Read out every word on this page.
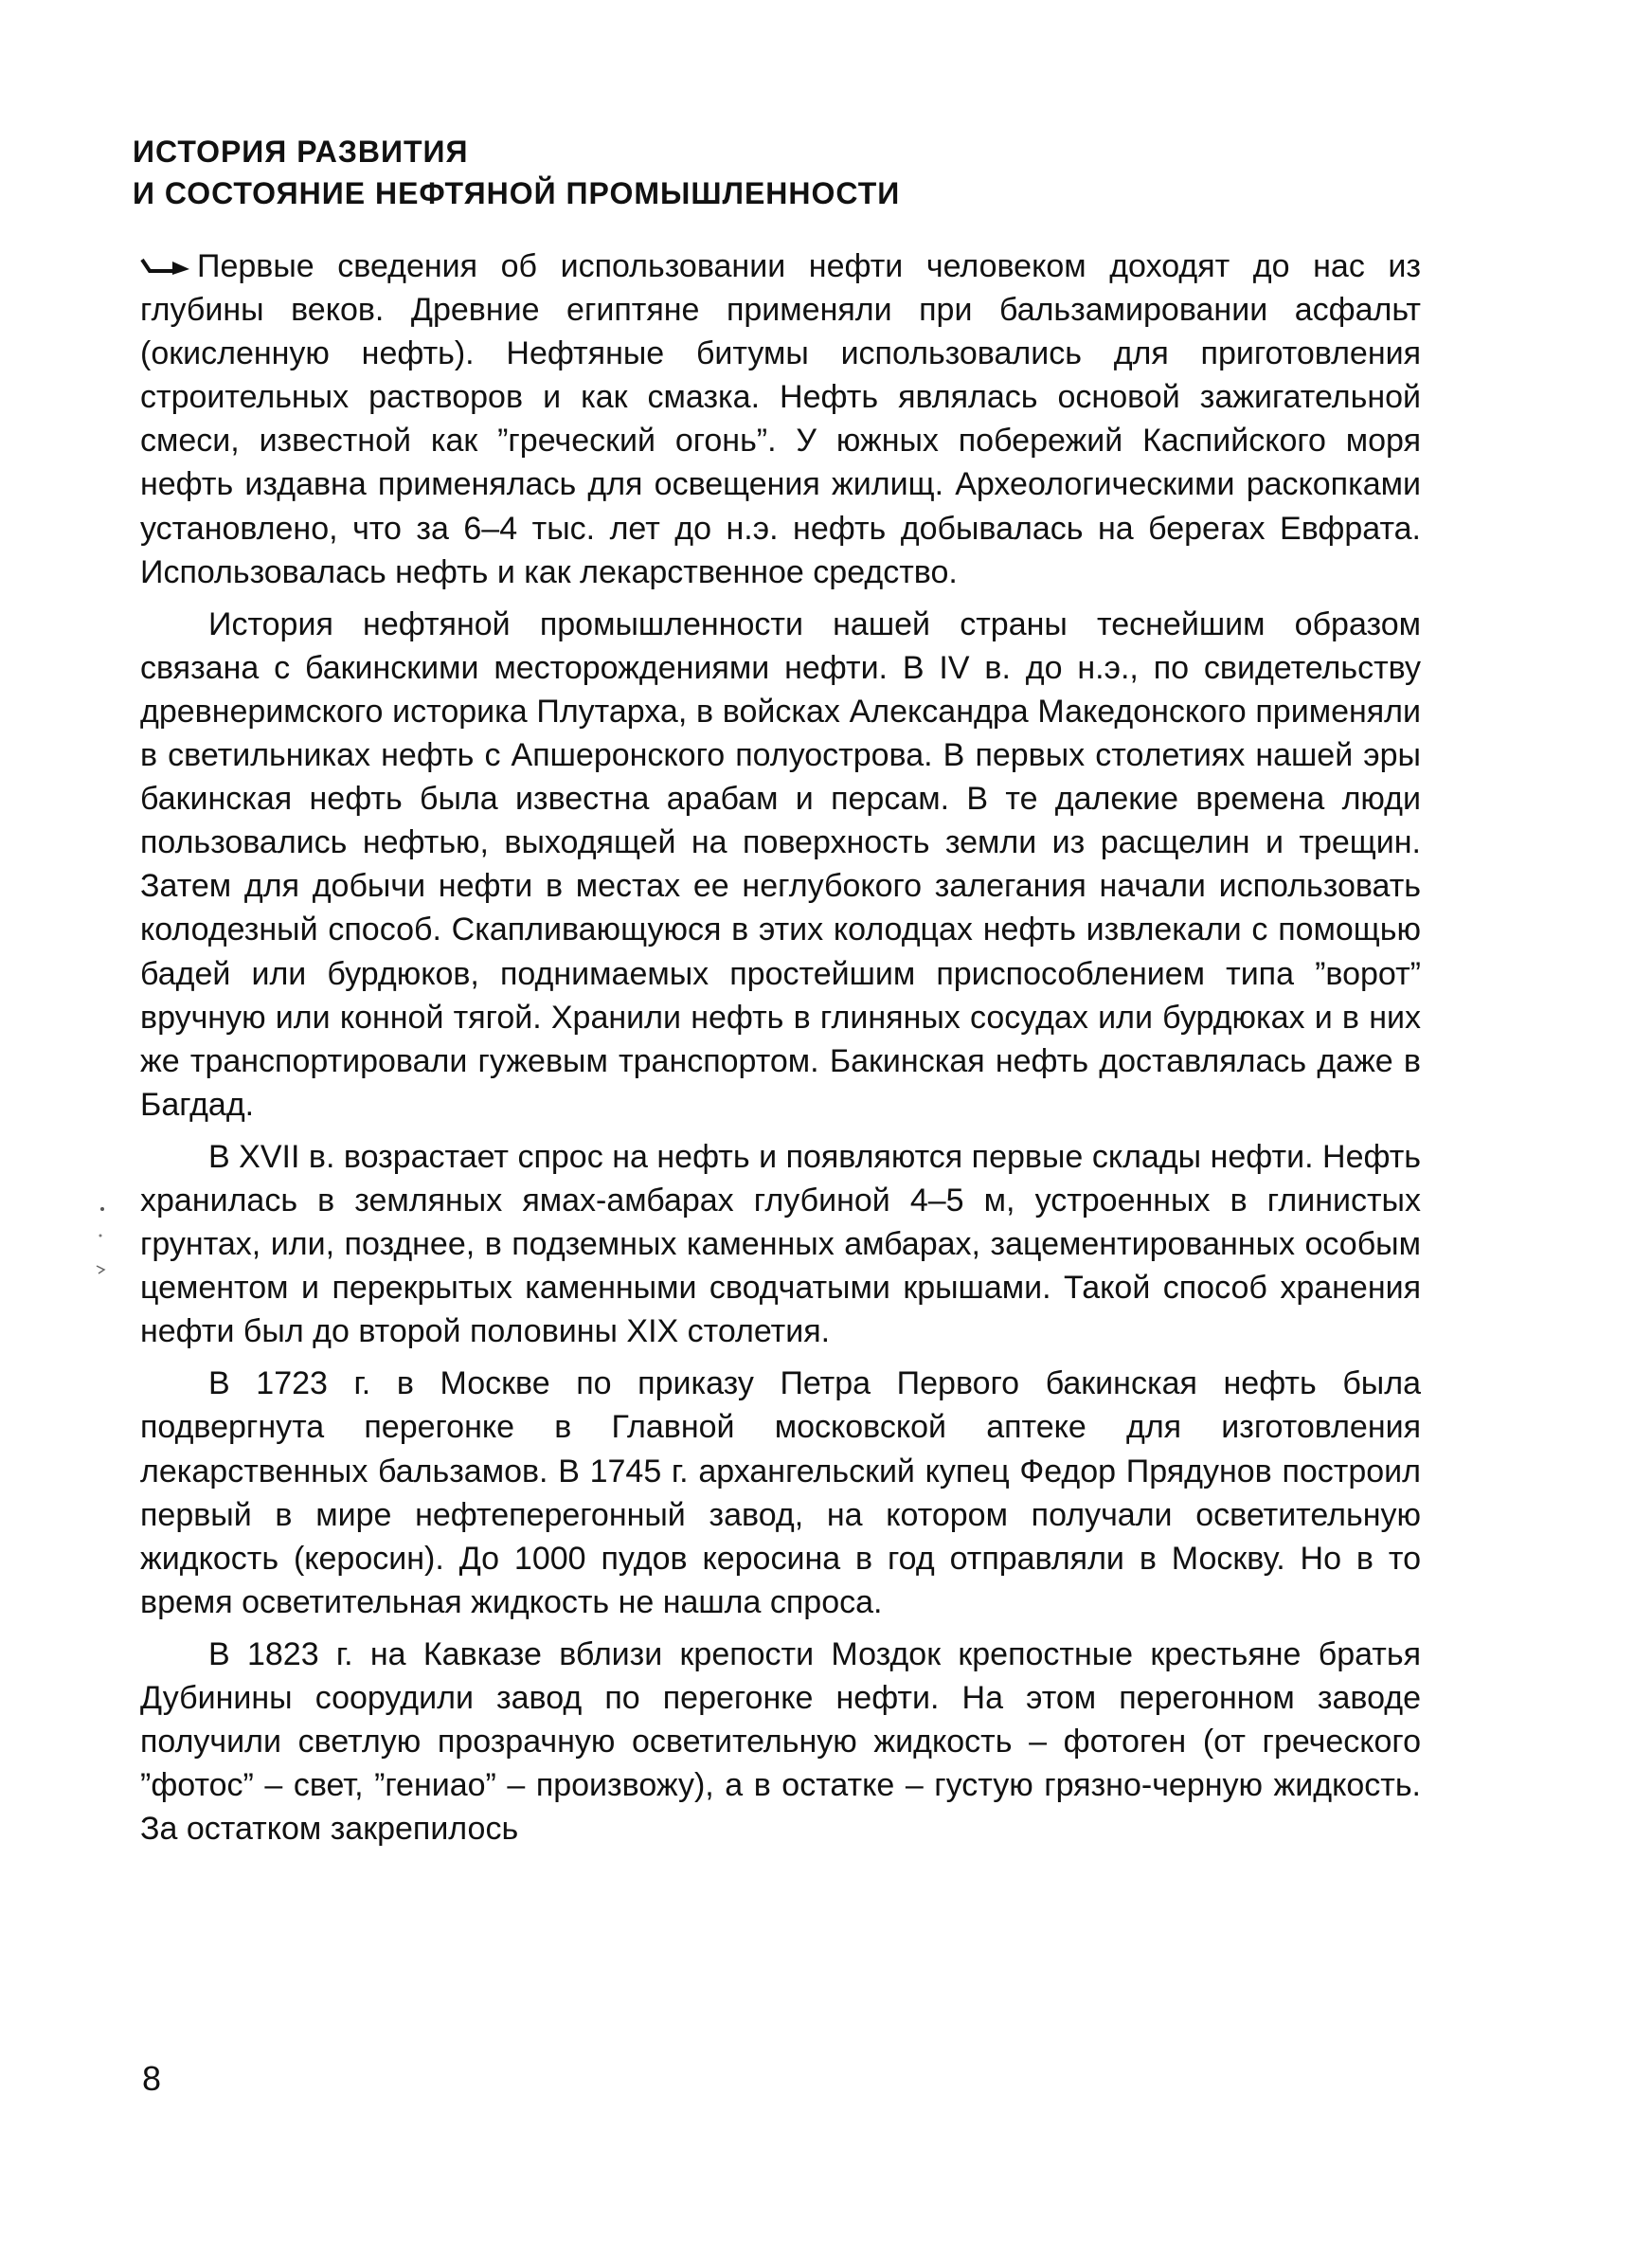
ИСТОРИЯ РАЗВИТИЯ
И СОСТОЯНИЕ НЕФТЯНОЙ ПРОМЫШЛЕННОСТИ

Первые сведения об использовании нефти человеком доходят до нас из глубины веков. Древние египтяне применяли при бальзамировании асфальт (окисленную нефть). Нефтяные битумы использовались для приготовления строительных растворов и как смазка. Нефть являлась основой зажигательной смеси, известной как ”греческий огонь”. У южных побережий Каспийского моря нефть издавна применялась для освещения жилищ. Археологическими раскопками установлено, что за 6–4 тыс. лет до н.э. нефть добывалась на берегах Евфрата. Использовалась нефть и как лекарственное средство.

История нефтяной промышленности нашей страны теснейшим образом связана с бакинскими месторождениями нефти. В IV в. до н.э., по свидетельству древнеримского историка Плутарха, в войсках Александра Македонского применяли в светильниках нефть с Апшеронского полуострова. В первых столетиях нашей эры бакинская нефть была известна арабам и персам. В те далекие времена люди пользовались нефтью, выходящей на поверхность земли из расщелин и трещин. Затем для добычи нефти в местах ее неглубокого залегания начали использовать колодезный способ. Скапливающуюся в этих колодцах нефть извлекали с помощью бадей или бурдюков, поднимаемых простейшим приспособлением типа ”ворот” вручную или конной тягой. Хранили нефть в глиняных сосудах или бурдюках и в них же транспортировали гужевым транспортом. Бакинская нефть доставлялась даже в Багдад.

В XVII в. возрастает спрос на нефть и появляются первые склады нефти. Нефть хранилась в земляных ямах-амбарах глубиной 4–5 м, устроенных в глинистых грунтах, или, позднее, в подземных каменных амбарах, зацементированных особым цементом и перекрытых каменными сводчатыми крышами. Такой способ хранения нефти был до второй половины XIX столетия.

В 1723 г. в Москве по приказу Петра Первого бакинская нефть была подвергнута перегонке в Главной московской аптеке для изготовления лекарственных бальзамов. В 1745 г. архангельский купец Федор Прядунов построил первый в мире нефтеперегонный завод, на котором получали осветительную жидкость (керосин). До 1000 пудов керосина в год отправляли в Москву. Но в то время осветительная жидкость не нашла спроса.

В 1823 г. на Кавказе вблизи крепости Моздок крепостные крестьяне братья Дубинины соорудили завод по перегонке нефти. На этом перегонном заводе получили светлую прозрачную осветительную жидкость – фотоген (от греческого ”фотос” – свет, ”гениао” – произвожу), а в остатке – густую грязно-черную жидкость. За остатком закрепилось

8
